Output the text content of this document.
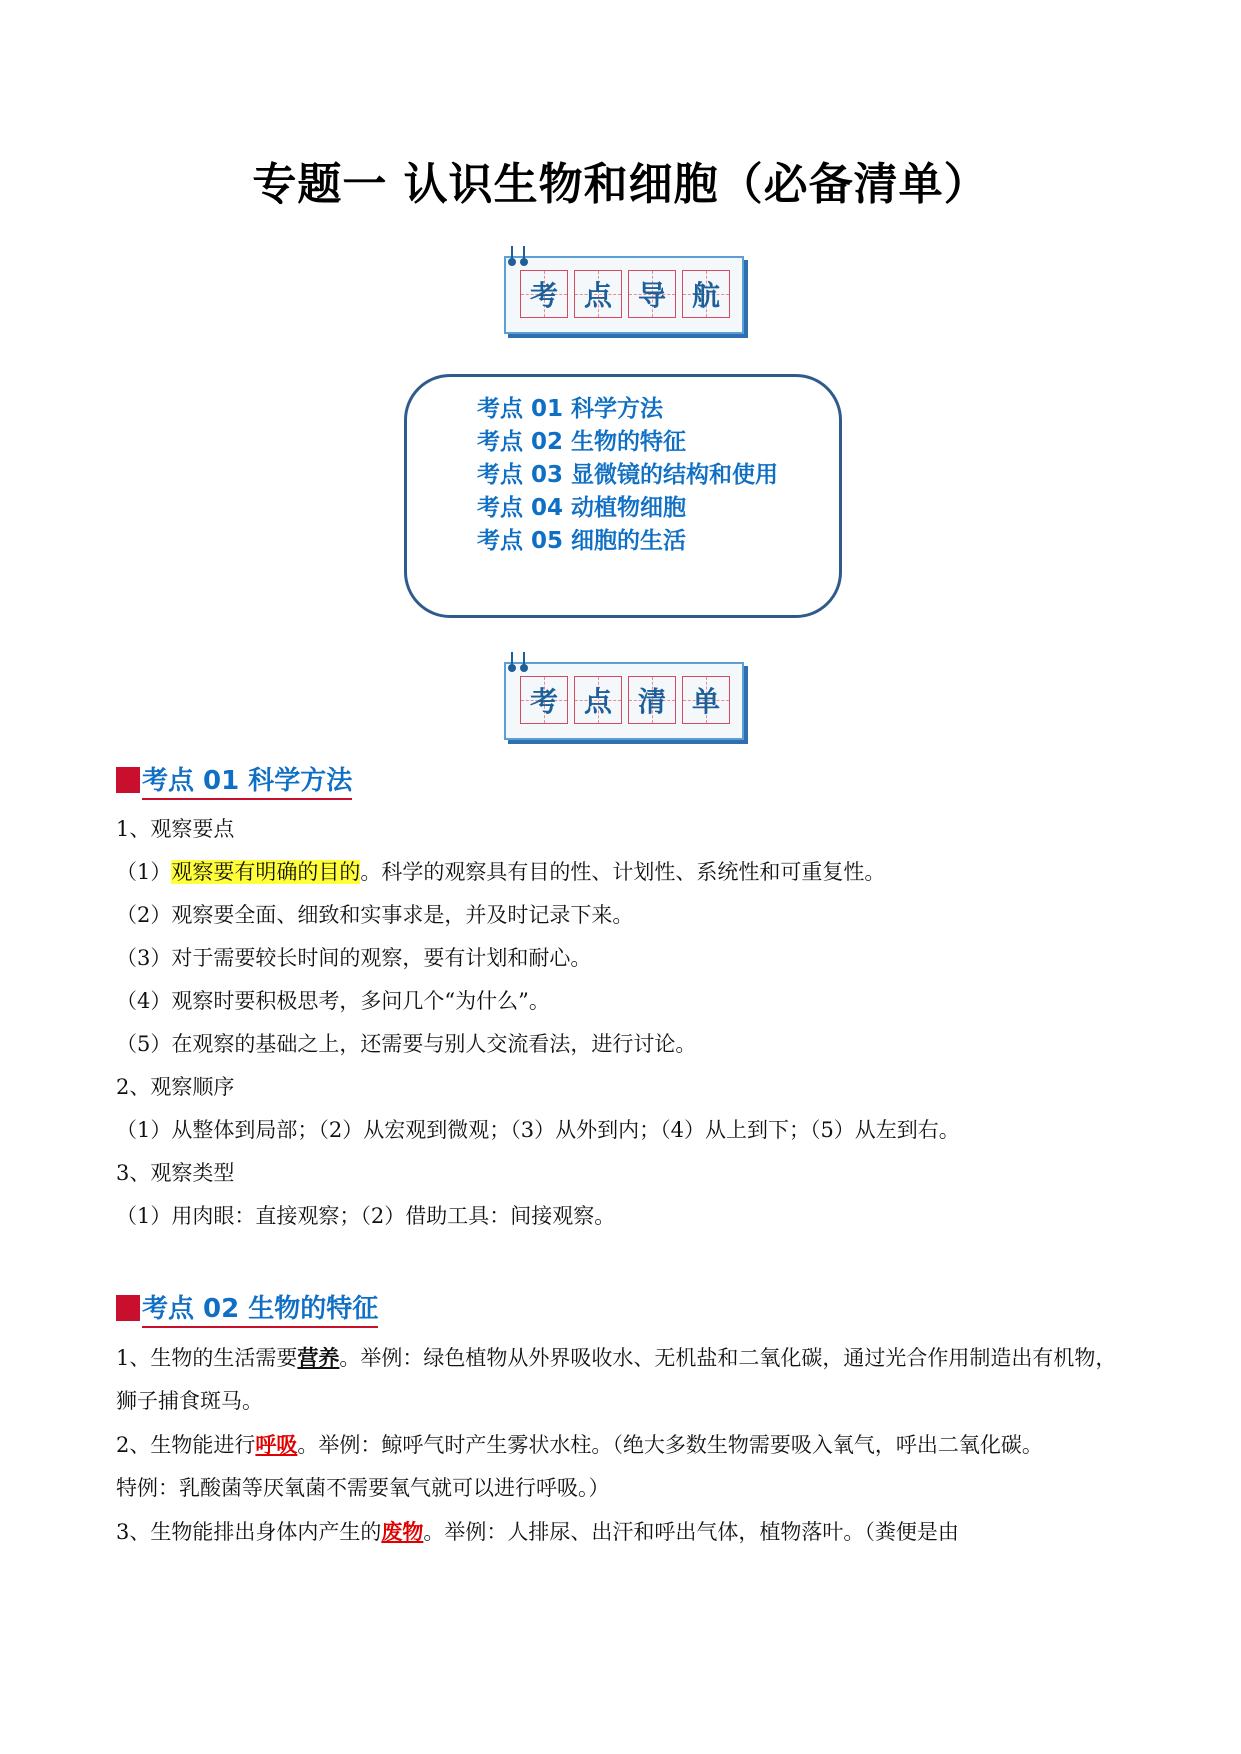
专题一 认识生物和细胞（必备清单）
考 点 导 航
考点 01 科学方法
考点 02 生物的特征
考点 03 显微镜的结构和使用
考点 04 动植物细胞
考点 05 细胞的生活
考 点 清 单
考点 01 科学方法

1、观察要点

（1）观察要有明确的目的。科学的观察具有目的性、计划性、系统性和可重复性。

（2）观察要全面、细致和实事求是，并及时记录下来。

（3）对于需要较长时间的观察，要有计划和耐心。

（4）观察时要积极思考，多问几个“为什么”。

（5）在观察的基础之上，还需要与别人交流看法，进行讨论。

2、观察顺序

（1）从整体到局部；（2）从宏观到微观；（3）从外到内；（4）从上到下；（5）从左到右。

3、观察类型

（1）用肉眼：直接观察；（2）借助工具：间接观察。

考点 02 生物的特征

1、生物的生活需要营养。举例：绿色植物从外界吸收水、无机盐和二氧化碳，通过光合作用制造出有机物，狮子捕食斑马。

2、生物能进行呼吸。举例：鲸呼气时产生雾状水柱。（绝大多数生物需要吸入氧气，呼出二氧化碳。

特例：乳酸菌等厌氧菌不需要氧气就可以进行呼吸。）

3、生物能排出身体内产生的废物。举例：人排尿、出汗和呼出气体，植物落叶。（粪便是由
